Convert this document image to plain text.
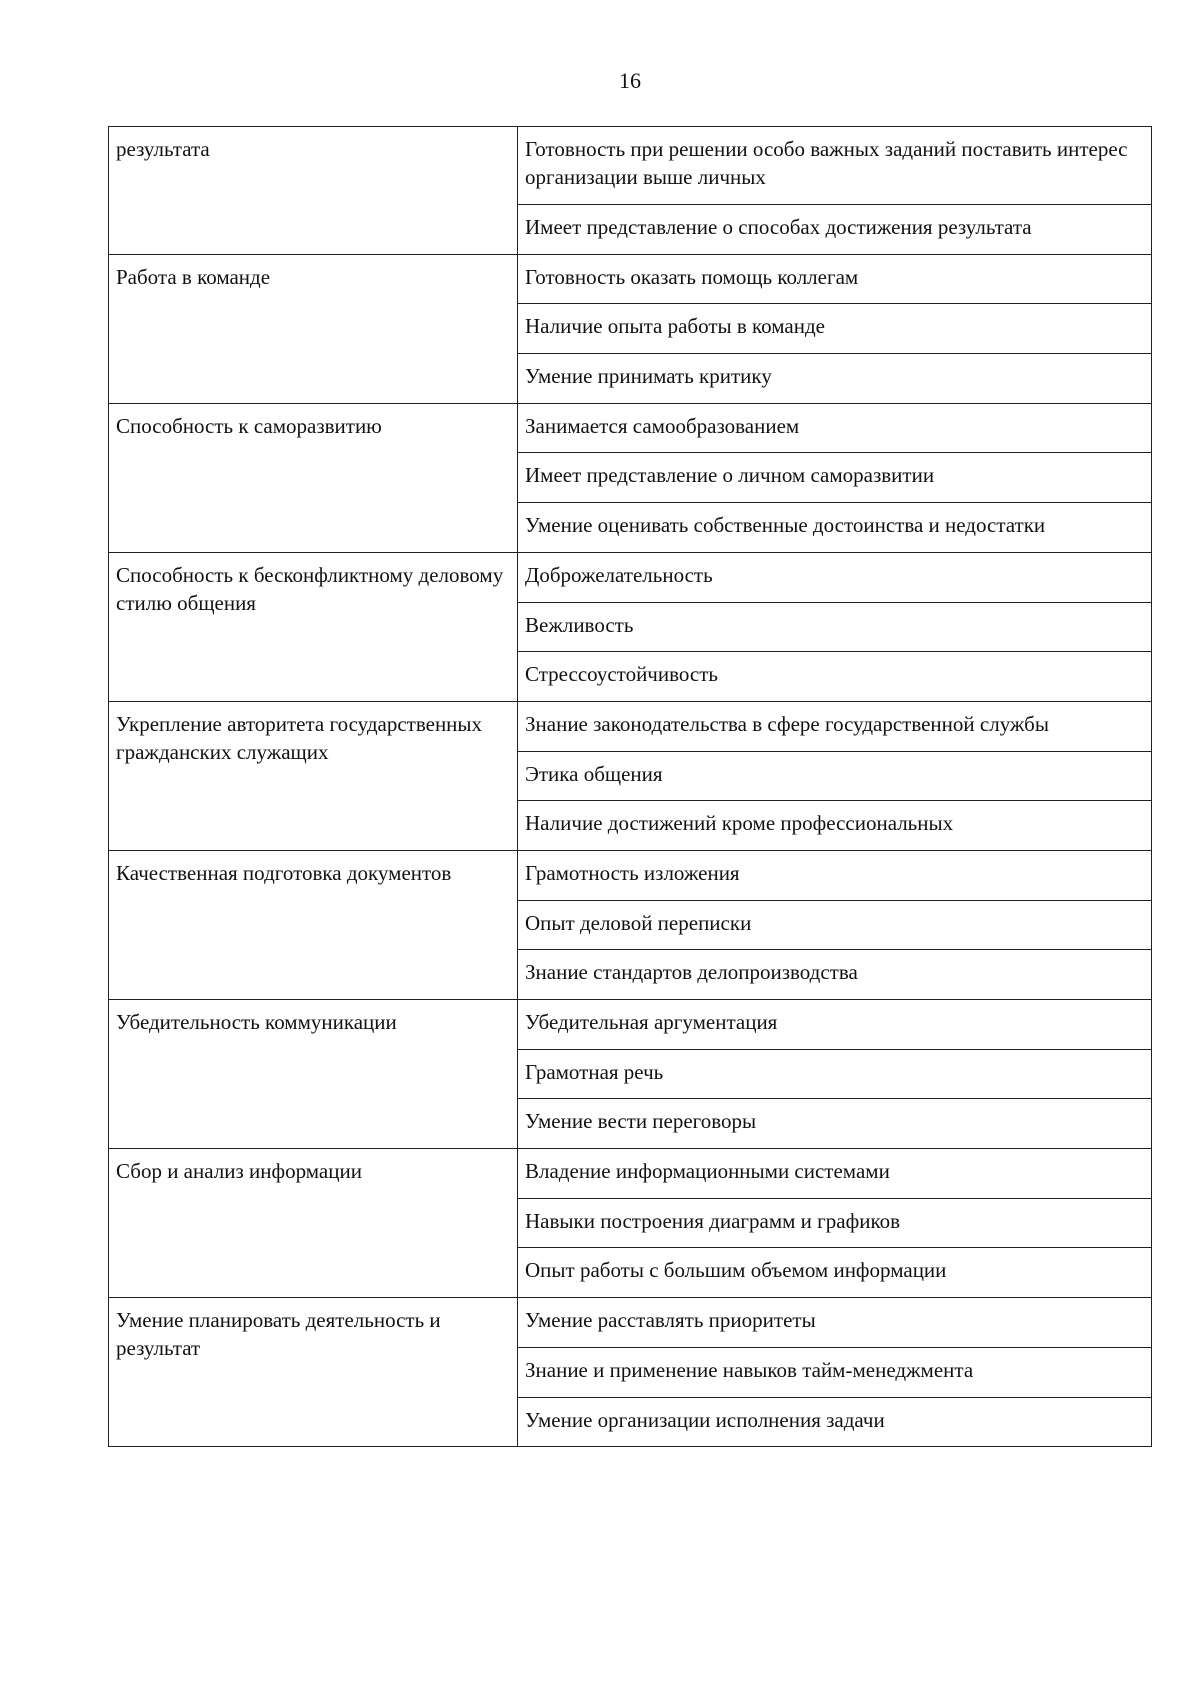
16
результата	Готовность при решении особо важных заданий поставить интерес организации выше личных
	Имеет представление о способах достижения результата
Работа в команде	Готовность оказать помощь коллегам
	Наличие опыта работы в команде
	Умение принимать критику
Способность к саморазвитию	Занимается самообразованием
	Имеет представление о личном саморазвитии
	Умение оценивать собственные достоинства и недостатки
Способность к бесконфликтному деловому стилю общения	Доброжелательность
	Вежливость
	Стрессоустойчивость
Укрепление авторитета государственных гражданских служащих	Знание законодательства в сфере государственной службы
	Этика общения
	Наличие достижений кроме профессиональных
Качественная подготовка документов	Грамотность изложения
	Опыт деловой переписки
	Знание стандартов делопроизводства
Убедительность коммуникации	Убедительная аргументация
	Грамотная речь
	Умение вести переговоры
Сбор и анализ информации	Владение информационными системами
	Навыки построения диаграмм и графиков
	Опыт работы с большим объемом информации
Умение планировать деятельность и результат	Умение расставлять приоритеты
	Знание и применение навыков тайм-менеджмента
	Умение организации исполнения задачи
